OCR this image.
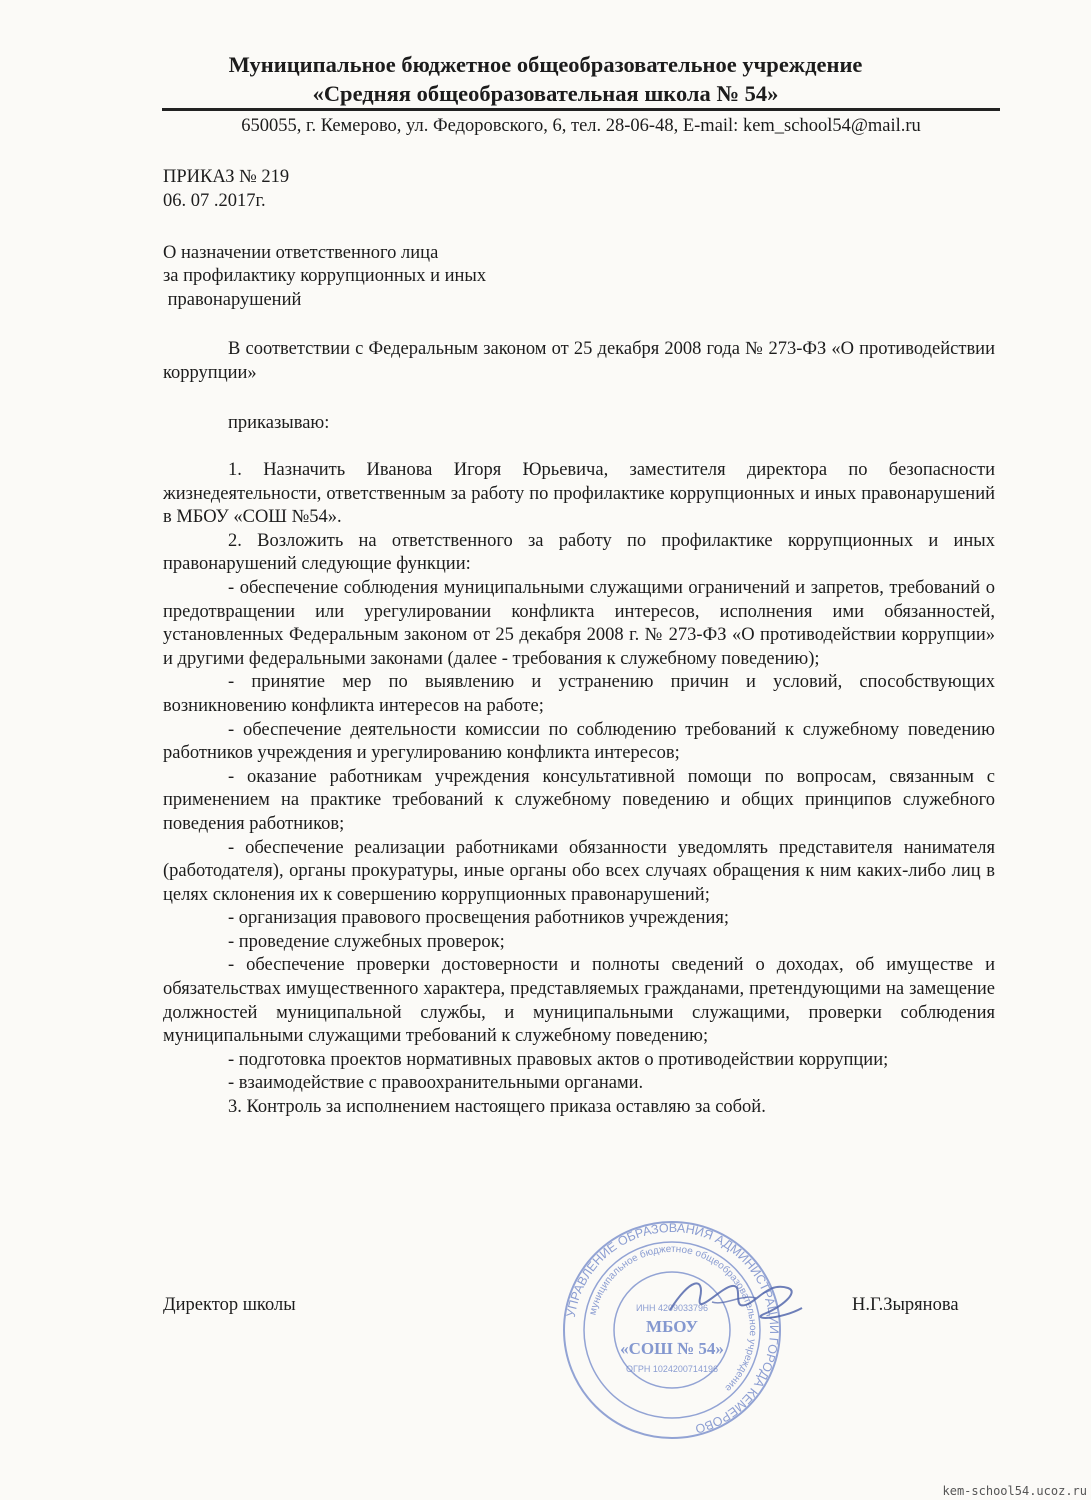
Муниципальное бюджетное общеобразовательное учреждение
«Средняя общеобразовательная школа № 54»
650055, г. Кемерово, ул. Федоровского, 6, тел. 28-06-48, E-mail: kem_school54@mail.ru
ПРИКАЗ № 219
06. 07 .2017г.
О назначении ответственного лица
за профилактику коррупционных и иных
правонарушений

В соответствии с Федеральным законом от 25 декабря 2008 года № 273-ФЗ «О противодействии коррупции»

приказываю:

1. Назначить Иванова Игоря Юрьевича, заместителя директора по безопасности жизнедеятельности, ответственным за работу по профилактике коррупционных и иных правонарушений в МБОУ «СОШ №54».

2. Возложить на ответственного за работу по профилактике коррупционных и иных правонарушений следующие функции:

- обеспечение соблюдения муниципальными служащими ограничений и запретов, требований о предотвращении или урегулировании конфликта интересов, исполнения ими обязанностей, установленных Федеральным законом от 25 декабря 2008 г. № 273-ФЗ «О противодействии коррупции» и другими федеральными законами (далее - требования к служебному поведению);

- принятие мер по выявлению и устранению причин и условий, способствующих возникновению конфликта интересов на работе;

- обеспечение деятельности комиссии по соблюдению требований к служебному поведению работников учреждения и урегулированию конфликта интересов;

- оказание работникам учреждения консультативной помощи по вопросам, связанным с применением на практике требований к служебному поведению и общих принципов служебного поведения работников;

- обеспечение реализации работниками обязанности уведомлять представителя нанимателя (работодателя), органы прокуратуры, иные органы обо всех случаях обращения к ним каких-либо лиц в целях склонения их к совершению коррупционных правонарушений;

- организация правового просвещения работников учреждения;

- проведение служебных проверок;

- обеспечение проверки достоверности и полноты сведений о доходах, об имуществе и обязательствах имущественного характера, представляемых гражданами, претендующими на замещение должностей муниципальной службы, и муниципальными служащими, проверки соблюдения муниципальными служащими требований к служебному поведению;

- подготовка проектов нормативных правовых актов о противодействии коррупции;

- взаимодействие с правоохранительными органами.

3. Контроль за исполнением настоящего приказа оставляю за собой.

УПРАВЛЕНИЕ ОБРАЗОВАНИЯ АДМИНИСТРАЦИИ ГОРОДА КЕМЕРОВО
муниципальное бюджетное общеобразовательное учреждение
ИНН 4209033796
МБОУ
«СОШ № 54»
ОГРН 1024200714196
Директор школы	Н.Г.Зырянова
kem-school54.ucoz.ru
